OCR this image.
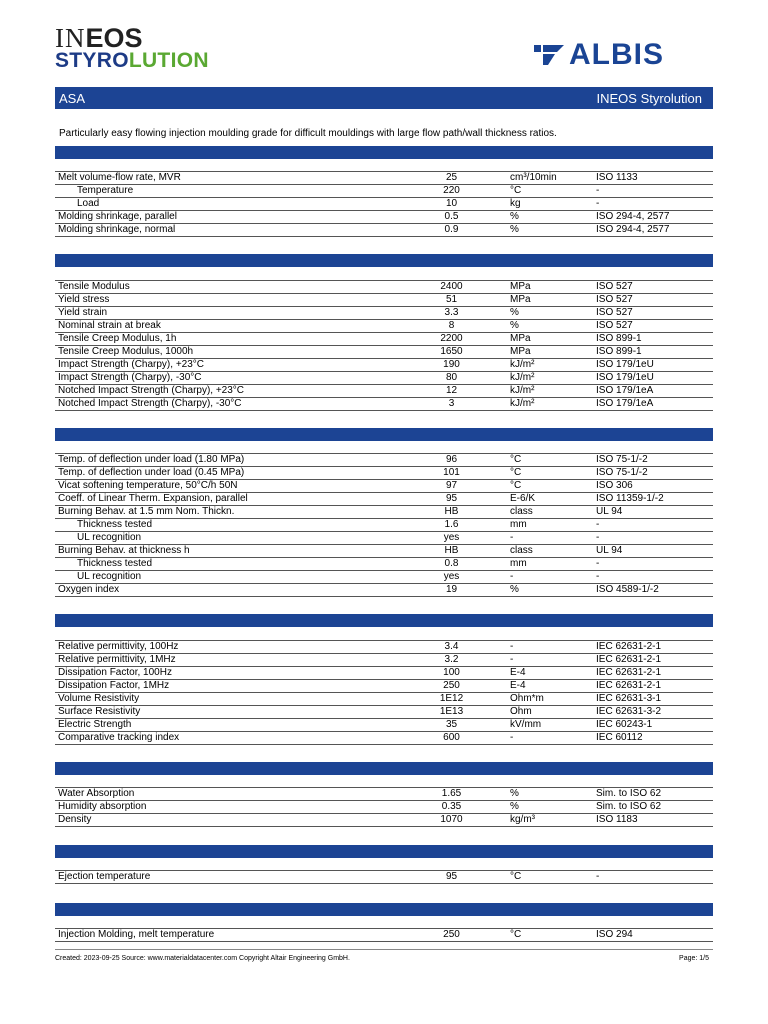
INEOS
STYROLUTION	ALBIS
ASA	INEOS Styrolution
Particularly easy flowing injection moulding grade for difficult mouldings with large flow path/wall thickness ratios.
Melt volume-flow rate, MVR	25	cm³/10min	ISO 1133
Temperature	220	°C	-
Load	10	kg	-
Molding shrinkage, parallel	0.5	%	ISO 294-4, 2577
Molding shrinkage, normal	0.9	%	ISO 294-4, 2577
Tensile Modulus	2400	MPa	ISO 527
Yield stress	51	MPa	ISO 527
Yield strain	3.3	%	ISO 527
Nominal strain at break	8	%	ISO 527
Tensile Creep Modulus, 1h	2200	MPa	ISO 899-1
Tensile Creep Modulus, 1000h	1650	MPa	ISO 899-1
Impact Strength (Charpy), +23°C	190	kJ/m²	ISO 179/1eU
Impact Strength (Charpy), -30°C	80	kJ/m²	ISO 179/1eU
Notched Impact Strength (Charpy), +23°C	12	kJ/m²	ISO 179/1eA
Notched Impact Strength (Charpy), -30°C	3	kJ/m²	ISO 179/1eA
Temp. of deflection under load (1.80 MPa)	96	°C	ISO 75-1/-2
Temp. of deflection under load (0.45 MPa)	101	°C	ISO 75-1/-2
Vicat softening temperature, 50°C/h 50N	97	°C	ISO 306
Coeff. of Linear Therm. Expansion, parallel	95	E-6/K	ISO 11359-1/-2
Burning Behav. at 1.5 mm Nom. Thickn.	HB	class	UL 94
Thickness tested	1.6	mm	-
UL recognition	yes	-	-
Burning Behav. at thickness h	HB	class	UL 94
Thickness tested	0.8	mm	-
UL recognition	yes	-	-
Oxygen index	19	%	ISO 4589-1/-2
Relative permittivity, 100Hz	3.4	-	IEC 62631-2-1
Relative permittivity, 1MHz	3.2	-	IEC 62631-2-1
Dissipation Factor, 100Hz	100	E-4	IEC 62631-2-1
Dissipation Factor, 1MHz	250	E-4	IEC 62631-2-1
Volume Resistivity	1E12	Ohm*m	IEC 62631-3-1
Surface Resistivity	1E13	Ohm	IEC 62631-3-2
Electric Strength	35	kV/mm	IEC 60243-1
Comparative tracking index	600	-	IEC 60112
Water Absorption	1.65	%	Sim. to ISO 62
Humidity absorption	0.35	%	Sim. to ISO 62
Density	1070	kg/m³	ISO 1183
Ejection temperature	95	°C	-
Injection Molding, melt temperature	250	°C	ISO 294
Created: 2023-09-25 Source: www.materialdatacenter.com Copyright Altair Engineering GmbH.	Page: 1/5
